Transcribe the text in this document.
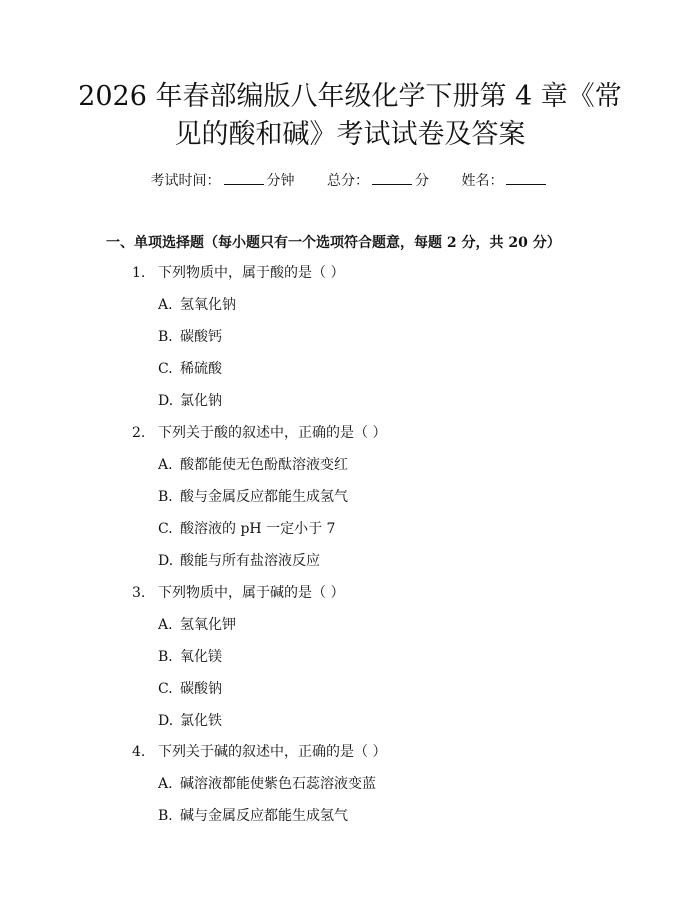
2026 年春部编版八年级化学下册第 4 章《常
见的酸和碱》考试试卷及答案
考试时间：	分钟 总分：	分 姓名：
一、单项选择题（每小题只有一个选项符合题意，每题 2 分，共 20 分）
1. 下列物质中，属于酸的是（ ）
A. 氢氧化钠
B. 碳酸钙
C. 稀硫酸
D. 氯化钠
2. 下列关于酸的叙述中，正确的是（ ）
A. 酸都能使无色酚酞溶液变红
B. 酸与金属反应都能生成氢气
C. 酸溶液的 pH 一定小于 7
D. 酸能与所有盐溶液反应
3. 下列物质中，属于碱的是（ ）
A. 氢氧化钾
B. 氧化镁
C. 碳酸钠
D. 氯化铁
4. 下列关于碱的叙述中，正确的是（ ）
A. 碱溶液都能使紫色石蕊溶液变蓝
B. 碱与金属反应都能生成氢气
